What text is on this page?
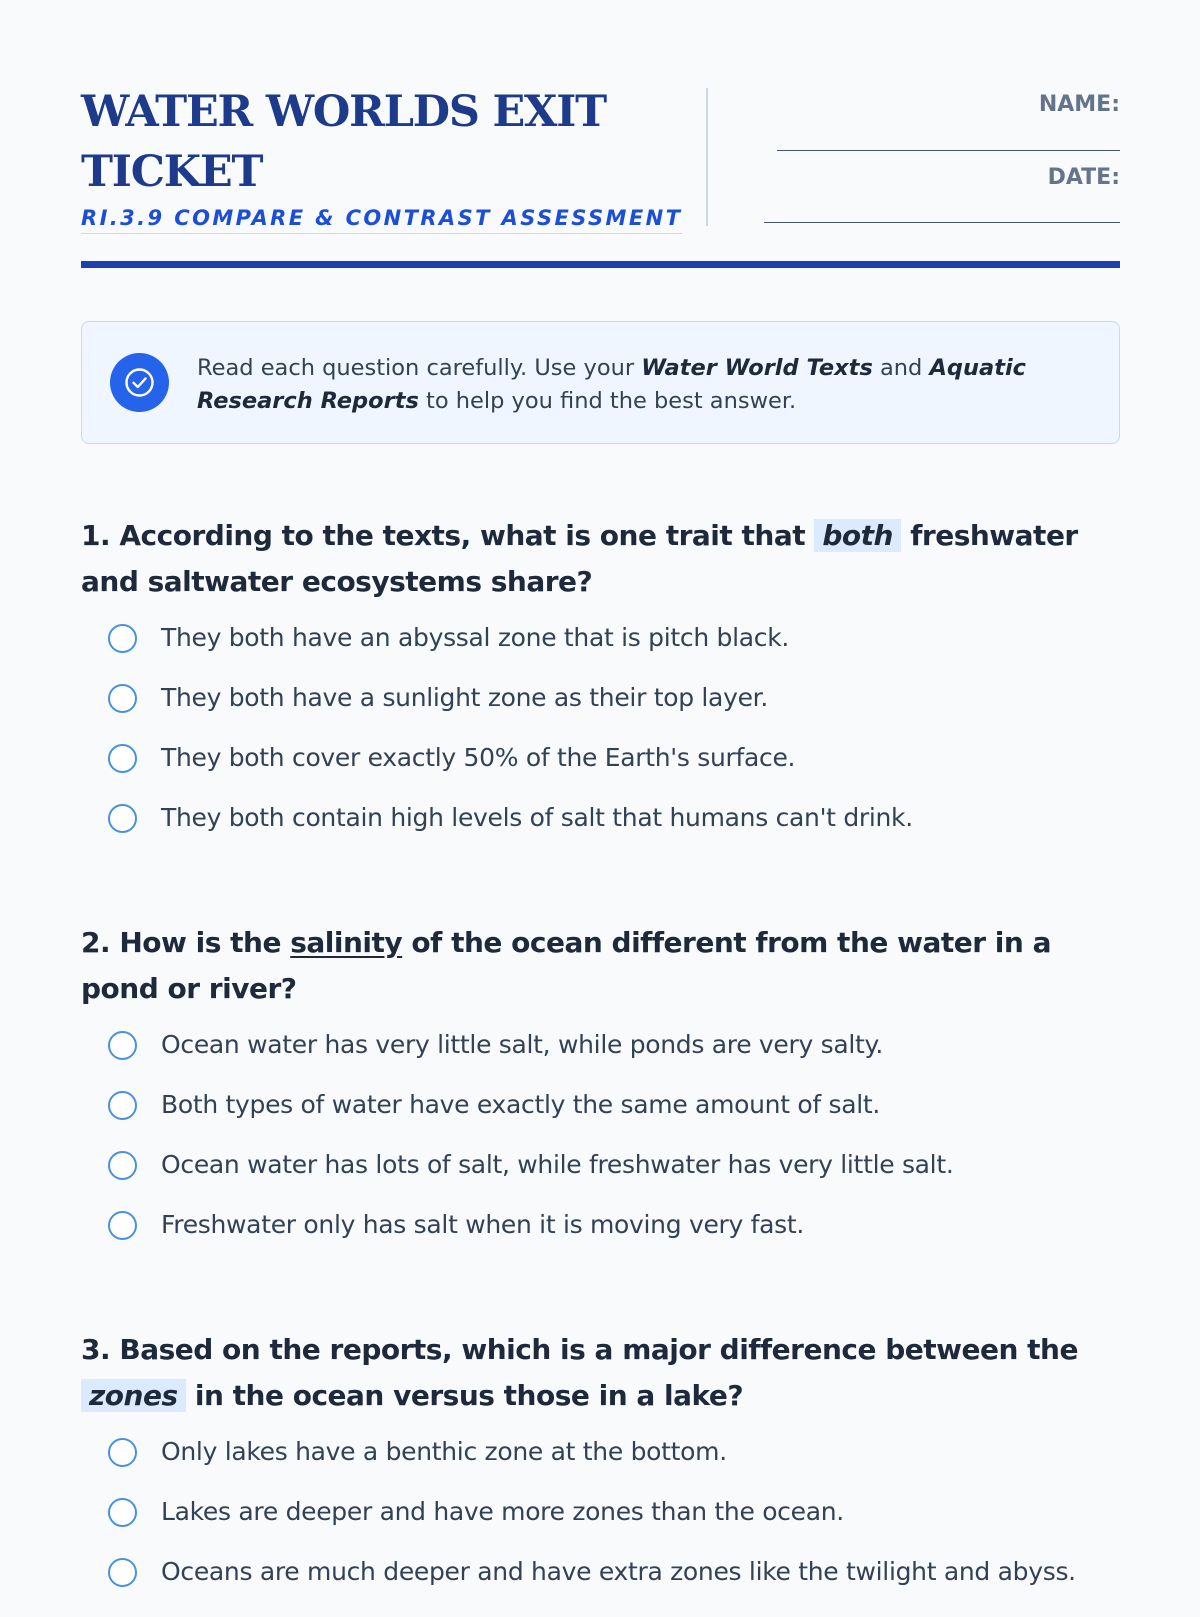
WATER WORLDS EXIT TICKET
RI.3.9 COMPARE & CONTRAST ASSESSMENT
NAME:
DATE:

Read each question carefully. Use your Water World Texts and Aquatic Research Reports to help you find the best answer.

1. According to the texts, what is one trait that both freshwater and saltwater ecosystems share?

They both have an abyssal zone that is pitch black.
They both have a sunlight zone as their top layer.
They both cover exactly 50% of the Earth's surface.
They both contain high levels of salt that humans can't drink.

2. How is the salinity of the ocean different from the water in a pond or river?

Ocean water has very little salt, while ponds are very salty.
Both types of water have exactly the same amount of salt.
Ocean water has lots of salt, while freshwater has very little salt.
Freshwater only has salt when it is moving very fast.

3. Based on the reports, which is a major difference between the zones in the ocean versus those in a lake?

Only lakes have a benthic zone at the bottom.
Lakes are deeper and have more zones than the ocean.
Oceans are much deeper and have extra zones like the twilight and abyss.
